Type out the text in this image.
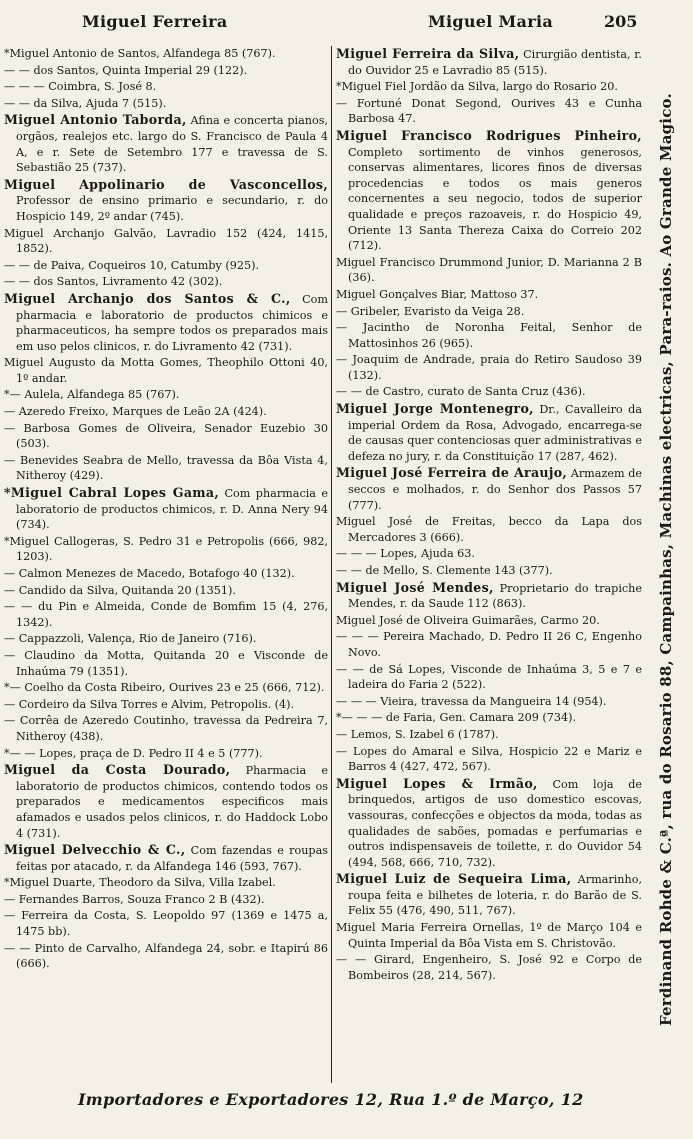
Miguel Ferreira	Miguel Maria	205
*Miguel Antonio de Santos, Alfandega 85 (767).
— — dos Santos, Quinta Imperial 29 (122).
— — — Coimbra, S. José 8.
— — da Silva, Ajuda 7 (515).
Miguel Antonio Taborda, Afina e concerta pianos, orgãos, realejos etc. largo do S. Francisco de Paula 4 A, e r. Sete de Setembro 177 e travessa de S. Sebastião 25 (737).
Miguel Appolinario de Vasconcellos, Professor de ensino primario e secundario, r. do Hospicio 149, 2º andar (745).
Miguel Archanjo Galvão, Lavradio 152 (424, 1415, 1852).
— — de Paiva, Coqueiros 10, Catumby (925).
— — dos Santos, Livramento 42 (302).
Miguel Archanjo dos Santos & C., Com pharmacia e laboratorio de productos chimicos e pharmaceuticos, ha sempre todos os preparados mais em uso pelos clinicos, r. do Livramento 42 (731).
Miguel Augusto da Motta Gomes, Theophilo Ottoni 40, 1º andar.
*— Aulela, Alfandega 85 (767).
— Azeredo Freixo, Marques de Leão 2A (424).
— Barbosa Gomes de Oliveira, Senador Euzebio 30 (503).
— Benevides Seabra de Mello, travessa da Bôa Vista 4, Nitheroy (429).
*Miguel Cabral Lopes Gama, Com pharmacia e laboratorio de productos chimicos, r. D. Anna Nery 94 (734).
*Miguel Callogeras, S. Pedro 31 e Petropolis (666, 982, 1203).
— Calmon Menezes de Macedo, Botafogo 40 (132).
— Candido da Silva, Quitanda 20 (1351).
— — du Pin e Almeida, Conde de Bomfim 15 (4, 276, 1342).
— Cappazzoli, Valença, Rio de Janeiro (716).
— Claudino da Motta, Quitanda 20 e Visconde de Inhaúma 79 (1351).
*— Coelho da Costa Ribeiro, Ourives 23 e 25 (666, 712).
— Cordeiro da Silva Torres e Alvim, Petropolis. (4).
— Corrêa de Azeredo Coutinho, travessa da Pedreira 7, Nitheroy (438).
*— — Lopes, praça de D. Pedro II 4 e 5 (777).
Miguel da Costa Dourado, Pharmacia e laboratorio de productos chimicos, contendo todos os preparados e medicamentos especificos mais afamados e usados pelos clinicos, r. do Haddock Lobo 4 (731).
Miguel Delvecchio & C., Com fazendas e roupas feitas por atacado, r. da Alfandega 146 (593, 767).
*Miguel Duarte, Theodoro da Silva, Villa Izabel.
— Fernandes Barros, Souza Franco 2 B (432).
— Ferreira da Costa, S. Leopoldo 97 (1369 e 1475 a, 1475 bb).
— — Pinto de Carvalho, Alfandega 24, sobr. e Itapirú 86 (666).
Miguel Ferreira da Silva, Cirurgião dentista, r. do Ouvidor 25 e Lavradio 85 (515).
*Miguel Fiel Jordão da Silva, largo do Rosario 20.
— Fortuné Donat Segond, Ourives 43 e Cunha Barbosa 47.
Miguel Francisco Rodrigues Pinheiro, Completo sortimento de vinhos generosos, conservas alimentares, licores finos de diversas procedencias e todos os mais generos concernentes a seu negocio, todos de superior qualidade e preços razoaveis, r. do Hospicio 49, Oriente 13 Santa Thereza Caixa do Correio 202 (712).
Miguel Francisco Drummond Junior, D. Marianna 2 B (36).
Miguel Gonçalves Biar, Mattoso 37.
— Gribeler, Evaristo da Veiga 28.
— Jacintho de Noronha Feital, Senhor de Mattosinhos 26 (965).
— Joaquim de Andrade, praia do Retiro Saudoso 39 (132).
— — de Castro, curato de Santa Cruz (436).
Miguel Jorge Montenegro, Dr., Cavalleiro da imperial Ordem da Rosa, Advogado, encarrega-se de causas quer contenciosas quer administrativas e defeza no jury, r. da Constituição 17 (287, 462).
Miguel José Ferreira de Araujo, Armazem de seccos e molhados, r. do Senhor dos Passos 57 (777).
Miguel José de Freitas, becco da Lapa dos Mercadores 3 (666).
— — — Lopes, Ajuda 63.
— — de Mello, S. Clemente 143 (377).
Miguel José Mendes, Proprietario do trapiche Mendes, r. da Saude 112 (863).
Miguel José de Oliveira Guimarães, Carmo 20.
— — — Pereira Machado, D. Pedro II 26 C, Engenho Novo.
— — de Sá Lopes, Visconde de Inhaúma 3, 5 e 7 e ladeira do Faria 2 (522).
— — — Vieira, travessa da Mangueira 14 (954).
*— — — de Faria, Gen. Camara 209 (734).
— Lemos, S. Izabel 6 (1787).
— Lopes do Amaral e Silva, Hospicio 22 e Mariz e Barros 4 (427, 472, 567).
Miguel Lopes & Irmão, Com loja de brinquedos, artigos de uso domestico escovas, vassouras, confecções e objectos da moda, todas as qualidades de sabões, pomadas e perfumarias e outros indispensaveis de toilette, r. do Ouvidor 54 (494, 568, 666, 710, 732).
Miguel Luiz de Sequeira Lima, Armarinho, roupa feita e bilhetes de loteria, r. do Barão de S. Felix 55 (476, 490, 511, 767).
Miguel Maria Ferreira Ornellas, 1º de Março 104 e Quinta Imperial da Bôa Vista em S. Christovão.
— — Girard, Engenheiro, S. José 92 e Corpo de Bombeiros (28, 214, 567).	Ferdinand Rohde & C.ª, rua do Rosario 88, Campainhas, Machinas electricas, Para-raios. Ao Grande Magico.
Importadores e Exportadores 12, Rua 1.º de Março, 12
